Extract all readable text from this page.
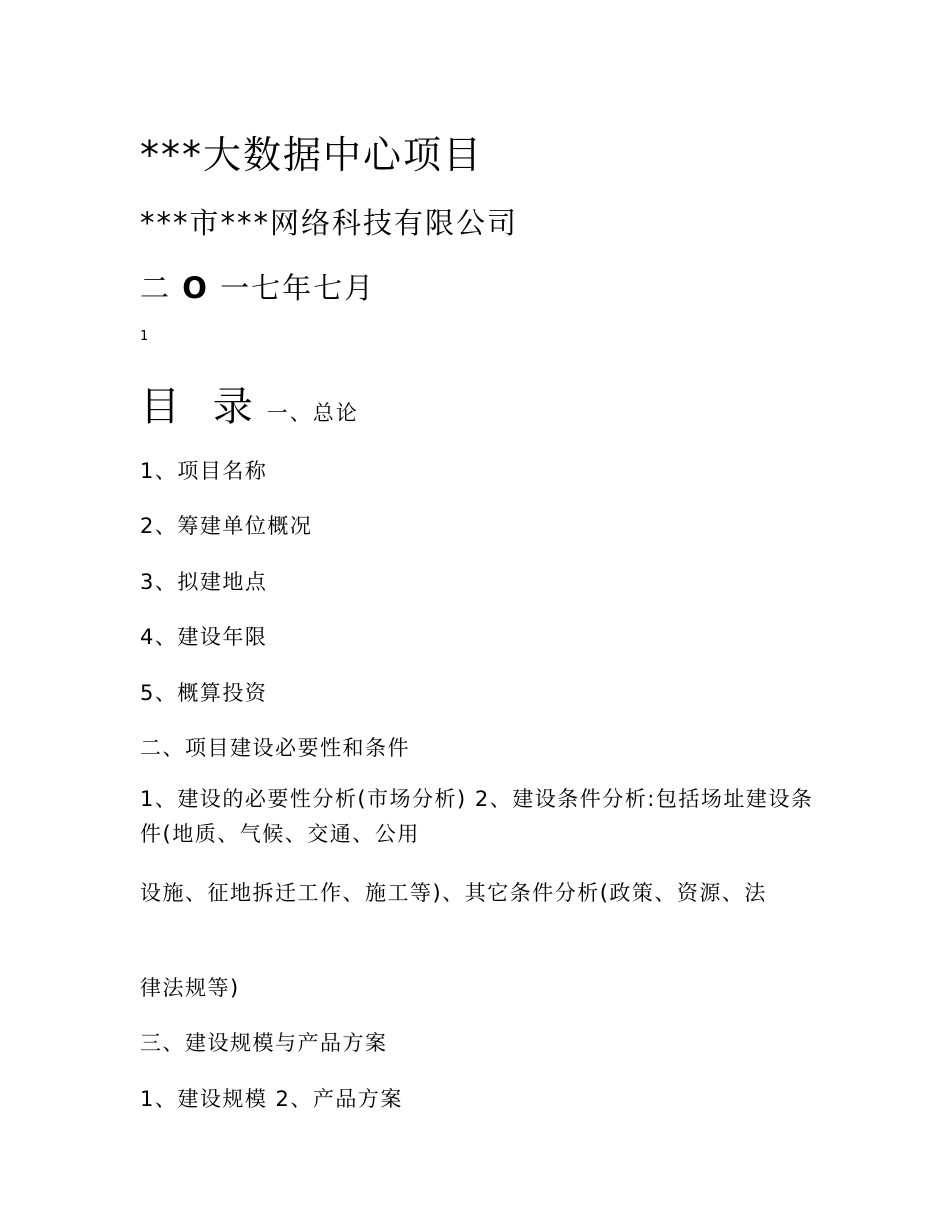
***大数据中心项目
***市***网络科技有限公司
二 O 一七年七月
1
目 录 一、总论
1、项目名称
2、筹建单位概况
3、拟建地点
4、建设年限
5、概算投资
二、项目建设必要性和条件
1、建设的必要性分析(市场分析) 2、建设条件分析:包括场址建设条件(地质、气候、交通、公用
设施、征地拆迁工作、施工等)、其它条件分析(政策、资源、法
律法规等)
三、建设规模与产品方案
1、建设规模 2、产品方案
